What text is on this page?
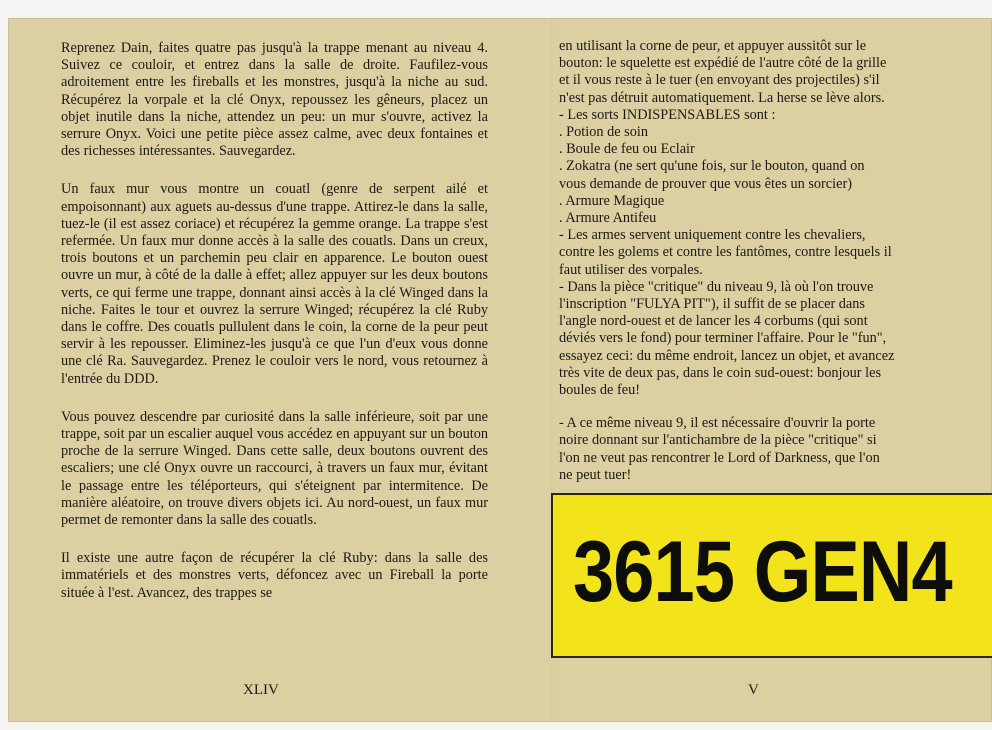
Reprenez Dain, faites quatre pas jusqu'à la trappe menant au niveau 4. Suivez ce couloir, et entrez dans la salle de droite. Faufilez-vous adroitement entre les fireballs et les monstres, jusqu'à la niche au sud. Récupérez la vorpale et la clé Onyx, repoussez les gêneurs, placez un objet inutile dans la niche, attendez un peu: un mur s'ouvre, activez la serrure Onyx. Voici une petite pièce assez calme, avec deux fontaines et des richesses intéressantes. Sauvegardez.

Un faux mur vous montre un couatl (genre de serpent ailé et empoisonnant) aux aguets au-dessus d'une trappe. Attirez-le dans la salle, tuez-le (il est assez coriace) et récupérez la gemme orange. La trappe s'est refermée. Un faux mur donne accès à la salle des couatls. Dans un creux, trois boutons et un parchemin peu clair en apparence. Le bouton ouest ouvre un mur, à côté de la dalle à effet; allez appuyer sur les deux boutons verts, ce qui ferme une trappe, donnant ainsi accès à la clé Winged dans la niche. Faites le tour et ouvrez la serrure Winged; récupérez la clé Ruby dans le coffre. Des couatls pullulent dans le coin, la corne de la peur peut servir à les repousser. Eliminez-les jusqu'à ce que l'un d'eux vous donne une clé Ra. Sauvegardez. Prenez le couloir vers le nord, vous retournez à l'entrée du DDD.

Vous pouvez descendre par curiosité dans la salle inférieure, soit par une trappe, soit par un escalier auquel vous accédez en appuyant sur un bouton proche de la serrure Winged. Dans cette salle, deux boutons ouvrent des escaliers; une clé Onyx ouvre un raccourci, à travers un faux mur, évitant le passage entre les téléporteurs, qui s'éteignent par intermitence. De manière aléatoire, on trouve divers objets ici. Au nord-ouest, un faux mur permet de remonter dans la salle des couatls.

Il existe une autre façon de récupérer la clé Ruby: dans la salle des immatériels et des monstres verts, défoncez avec un Fireball la porte située à l'est. Avancez, des trappes se

XLIV
en utilisant la corne de peur, et appuyer aussitôt sur le
bouton: le squelette est expédié de l'autre côté de la grille
et il vous reste à le tuer (en envoyant des projectiles) s'il
n'est pas détruit automatiquement. La herse se lève alors.
- Les sorts INDISPENSABLES sont :
. Potion de soin
. Boule de feu ou Eclair
. Zokatra (ne sert qu'une fois, sur le bouton, quand on
vous demande de prouver que vous êtes un sorcier)
. Armure Magique
. Armure Antifeu
- Les armes servent uniquement contre les chevaliers,
contre les golems et contre les fantômes, contre lesquels il
faut utiliser des vorpales.
- Dans la pièce "critique" du niveau 9, là où l'on trouve
l'inscription "FULYA PIT"), il suffit de se placer dans
l'angle nord-ouest et de lancer les 4 corbums (qui sont
déviés vers le fond) pour terminer l'affaire. Pour le "fun",
essayez ceci: du même endroit, lancez un objet, et avancez
très vite de deux pas, dans le coin sud-ouest: bonjour les
boules de feu!
- A ce même niveau 9, il est nécessaire d'ouvrir la porte
noire donnant sur l'antichambre de la pièce "critique" si
l'on ne veut pas rencontrer le Lord of Darkness, que l'on
ne peut tuer!
3615 GEN4
V
